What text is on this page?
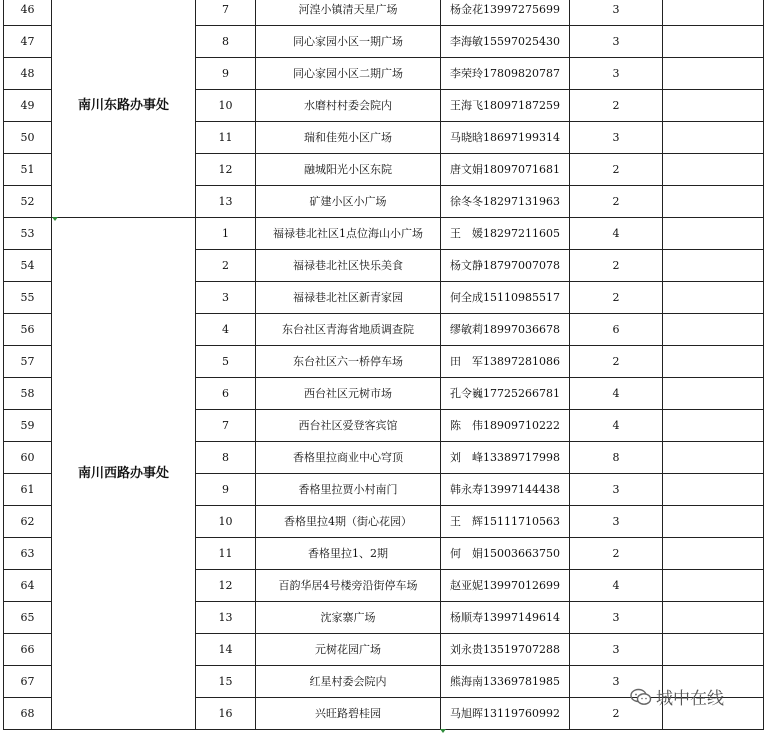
46	南川东路办事处	7	河湟小镇清天星广场	杨金花13997275699	3	
47		8	同心家园小区一期广场	李海敏15597025430	3	
48		9	同心家园小区二期广场	李荣玲17809820787	3	
49		10	水磨村村委会院内	王海飞18097187259	2	
50		11	瑞和佳苑小区广场	马晓晗18697199314	3	
51		12	融城阳光小区东院	唐文娟18097071681	2	
52		13	矿建小区小广场	徐冬冬18297131963	2	
53	南川西路办事处	1	福禄巷北社区1点位海山小广场	王　媛18297211605	4	
54		2	福禄巷北社区快乐美食	杨文静18797007078	2	
55		3	福禄巷北社区新青家园	何全成15110985517	2	
56		4	东台社区青海省地质调查院	缪敏莉18997036678	6	
57		5	东台社区六一桥停车场	田　军13897281086	2	
58		6	西台社区元树市场	孔令巍17725266781	4	
59		7	西台社区爱登客宾馆	陈　伟18909710222	4	
60		8	香格里拉商业中心穹顶	刘　峰13389717998	8	
61		9	香格里拉贾小村南门	韩永寿13997144438	3	
62		10	香格里拉4期（街心花园）	王　辉15111710563	3	
63		11	香格里拉1、2期	何　娟15003663750	2	
64		12	百韵华居4号楼旁沿街停车场	赵亚妮13997012699	4	
65		13	沈家寨广场	杨顺寿13997149614	3	
66		14	元树花园广场	刘永贵13519707288	3	
67		15	红星村委会院内	熊海南13369781985	3	
68		16	兴旺路碧桂园	马旭晖13119760992	2	
城中在线
